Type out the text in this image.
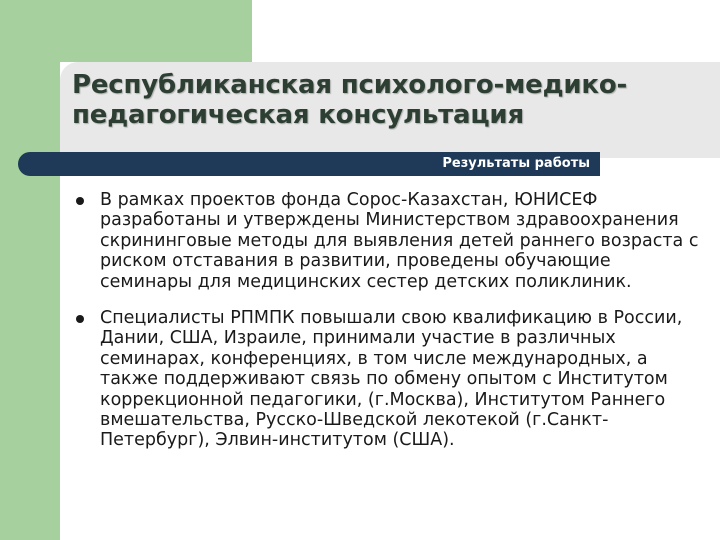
Республиканская психолого-медико-педагогическая консультация
Результаты работы
В рамках проектов фонда Сорос-Казахстан, ЮНИСЕФ разработаны и утверждены Министерством здравоохранения скрининговые методы для выявления детей раннего возраста с риском отставания в развитии, проведены обучающие семинары для медицинских сестер детских поликлиник.
Специалисты РПМПК повышали свою квалификацию в России, Дании, США, Израиле, принимали участие в различных семинарах, конференциях, в том числе международных, а также поддерживают связь по обмену опытом с Институтом коррекционной педагогики, (г.Москва), Институтом Раннего вмешательства, Русско-Шведской лекотекой (г.Санкт-Петербург), Элвин-институтом (США).
